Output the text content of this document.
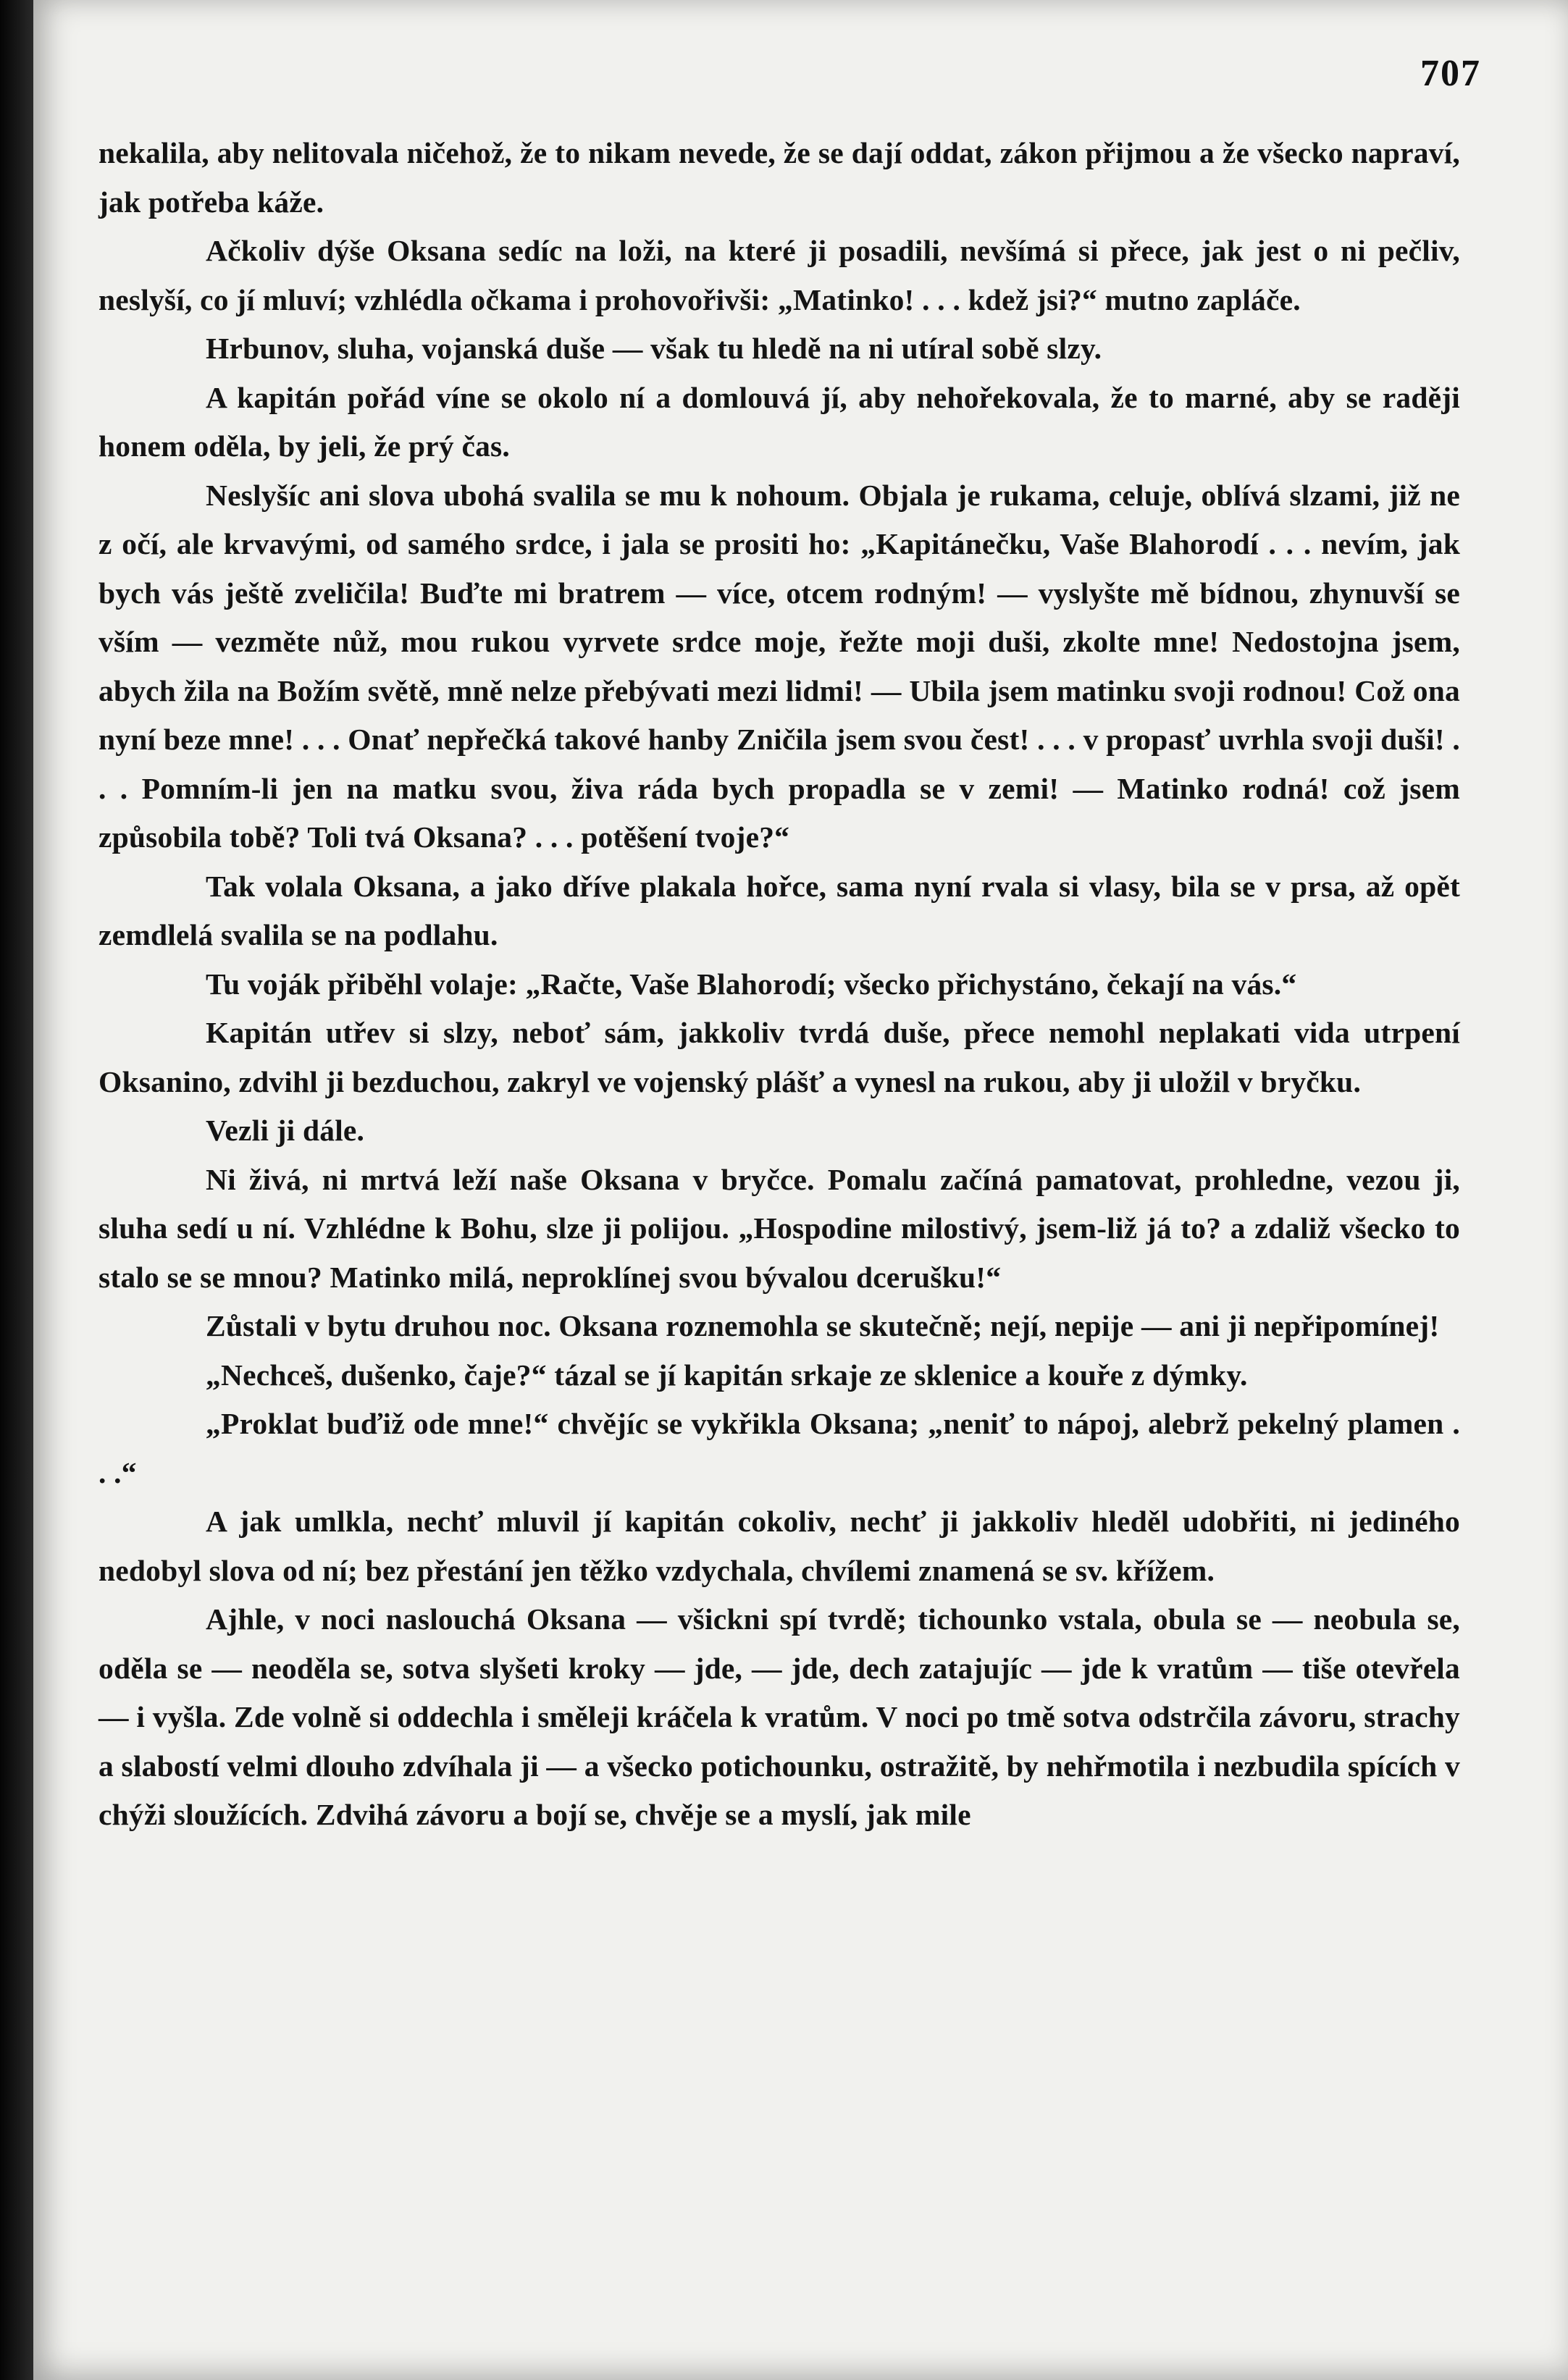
707

nekalila, aby nelitovala ničehož, že to nikam nevede, že se dají oddat, zákon přijmou a že všecko napraví, jak potřeba káže.

Ačkoliv dýše Oksana sedíc na loži, na které ji posadili, nevšímá si přece, jak jest o ni pečliv, neslyší, co jí mluví; vzhlédla očkama i prohovořivši: „Matinko! . . . kdež jsi?“ mutno zapláče.

Hrbunov, sluha, vojanská duše — však tu hledě na ni utíral sobě slzy.

A kapitán pořád víne se okolo ní a domlouvá jí, aby nehořekovala, že to marné, aby se raději honem oděla, by jeli, že prý čas.

Neslyšíc ani slova ubohá svalila se mu k nohoum. Objala je rukama, celuje, oblívá slzami, již ne z očí, ale krvavými, od samého srdce, i jala se prositi ho: „Kapitánečku, Vaše Blahorodí . . . nevím, jak bych vás ještě zveličila! Buďte mi bratrem — více, otcem rodným! — vyslyšte mě bídnou, zhynuvší se vším — vezměte nůž, mou rukou vyrvete srdce moje, řežte moji duši, zkolte mne! Nedostojna jsem, abych žila na Božím světě, mně nelze přebývati mezi lidmi! — Ubila jsem matinku svoji rodnou! Což ona nyní beze mne! . . . Onať nepřečká takové hanby Zničila jsem svou čest! . . . v propasť uvrhla svoji duši! . . . Pomním-li jen na matku svou, živa ráda bych propadla se v zemi! — Matinko rodná! což jsem způsobila tobě? Toli tvá Oksana? . . . potěšení tvoje?“

Tak volala Oksana, a jako dříve plakala hořce, sama nyní rvala si vlasy, bila se v prsa, až opět zemdlelá svalila se na podlahu.

Tu voják přiběhl volaje: „Račte, Vaše Blahorodí; všecko přichystáno, čekají na vás.“

Kapitán utřev si slzy, neboť sám, jakkoliv tvrdá duše, přece nemohl neplakati vida utrpení Oksanino, zdvihl ji bezduchou, zakryl ve vojenský plášť a vynesl na rukou, aby ji uložil v bryčku.

Vezli ji dále.

Ni živá, ni mrtvá leží naše Oksana v bryčce. Pomalu začíná pamatovat, prohledne, vezou ji, sluha sedí u ní. Vzhlédne k Bohu, slze ji polijou. „Hospodine milostivý, jsem-liž já to? a zdaliž všecko to stalo se se mnou? Matinko milá, neproklínej svou bývalou dcerušku!“

Zůstali v bytu druhou noc. Oksana roznemohla se skutečně; nejí, nepije — ani ji nepřipomínej!

„Nechceš, dušenko, čaje?“ tázal se jí kapitán srkaje ze sklenice a kouře z dýmky.

„Proklat buďiž ode mne!“ chvějíc se vykřikla Oksana; „neniť to nápoj, alebrž pekelný plamen . . .“

A jak umlkla, nechť mluvil jí kapitán cokoliv, nechť ji jakkoliv hleděl udobřiti, ni jediného nedobyl slova od ní; bez přestání jen těžko vzdychala, chvílemi znamená se sv. křížem.

Ajhle, v noci naslouchá Oksana — všickni spí tvrdě; tichounko vstala, obula se — neobula se, oděla se — neoděla se, sotva slyšeti kroky — jde, — jde, dech zatajujíc — jde k vratům — tiše otevřela — i vyšla. Zde volně si oddechla i směleji kráčela k vratům. V noci po tmě sotva odstrčila závoru, strachy a slabostí velmi dlouho zdvíhala ji — a všecko potichounku, ostražitě, by nehřmotila i nezbudila spících v chýži sloužících. Zdvihá závoru a bojí se, chvěje se a myslí, jak mile
